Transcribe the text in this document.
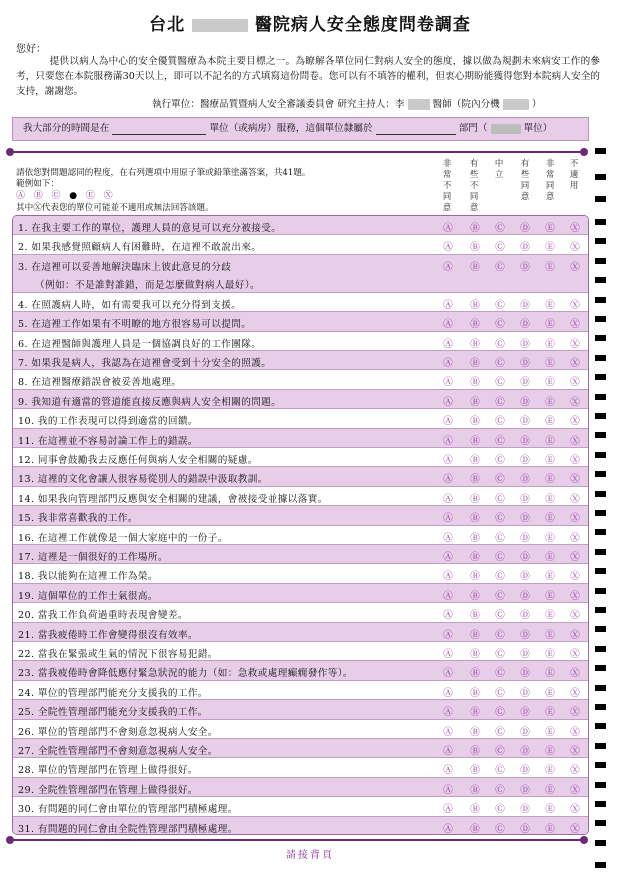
台北	醫院病人安全態度問卷調查
您好：
提供以病人為中心的安全優質醫療為本院主要目標之一。為瞭解各單位同仁對病人安全的態度，據以做為規劃未來病安工作的參考，只要您在本院服務滿30天以上，即可以不記名的方式填寫這份問卷。您可以有不填答的權利，但衷心期盼能獲得您對本院病人安全的支持，謝謝您。
執行單位：醫療品質暨病人安全審議委員會 研究主持人：李	醫師（院內分機	）
我大部分的時間是在	單位（或病房）服務，這個單位隸屬於	部門（	單位）
請依您對問題認同的程度，在右列選項中用原子筆或鉛筆塗滿答案，共41題。
範例如下：
Ⓐ Ⓑ Ⓒ ● Ⓔ Ⓧ
其中Ⓧ代表您的單位可能並不適用或無法回答該題。
非常不同意
有些不同意
中立
有些同意
非常同意
不適用
1. 在我主要工作的單位，護理人員的意見可以充分被接受。	Ⓐ Ⓑ Ⓒ Ⓓ Ⓔ Ⓧ
2. 如果我感覺照顧病人有困難時，在這裡不敢說出來。	Ⓐ Ⓑ Ⓒ Ⓓ Ⓔ Ⓧ
3. 在這裡可以妥善地解決臨床上彼此意見的分歧
（例如：不是誰對誰錯，而是怎麼做對病人最好）。
Ⓐ Ⓑ Ⓒ Ⓓ Ⓔ Ⓧ
4. 在照護病人時，如有需要我可以充分得到支援。	Ⓐ Ⓑ Ⓒ Ⓓ Ⓔ Ⓧ
5. 在這裡工作如果有不明瞭的地方很容易可以提問。	Ⓐ Ⓑ Ⓒ Ⓓ Ⓔ Ⓧ
6. 在這裡醫師與護理人員是一個協調良好的工作團隊。	Ⓐ Ⓑ Ⓒ Ⓓ Ⓔ Ⓧ
7. 如果我是病人，我認為在這裡會受到十分安全的照護。	Ⓐ Ⓑ Ⓒ Ⓓ Ⓔ Ⓧ
8. 在這裡醫療錯誤會被妥善地處理。	Ⓐ Ⓑ Ⓒ Ⓓ Ⓔ Ⓧ
9. 我知道有適當的管道能直接反應與病人安全相關的問題。	Ⓐ Ⓑ Ⓒ Ⓓ Ⓔ Ⓧ
10. 我的工作表現可以得到適當的回饋。	Ⓐ Ⓑ Ⓒ Ⓓ Ⓔ Ⓧ
11. 在這裡並不容易討論工作上的錯誤。	Ⓐ Ⓑ Ⓒ Ⓓ Ⓔ Ⓧ
12. 同事會鼓勵我去反應任何與病人安全相關的疑慮。	Ⓐ Ⓑ Ⓒ Ⓓ Ⓔ Ⓧ
13. 這裡的文化會讓人很容易從別人的錯誤中汲取教訓。	Ⓐ Ⓑ Ⓒ Ⓓ Ⓔ Ⓧ
14. 如果我向管理部門反應與安全相關的建議，會被接受並據以落實。	Ⓐ Ⓑ Ⓒ Ⓓ Ⓔ Ⓧ
15. 我非常喜歡我的工作。	Ⓐ Ⓑ Ⓒ Ⓓ Ⓔ Ⓧ
16. 在這裡工作就像是一個大家庭中的一份子。	Ⓐ Ⓑ Ⓒ Ⓓ Ⓔ Ⓧ
17. 這裡是一個很好的工作場所。	Ⓐ Ⓑ Ⓒ Ⓓ Ⓔ Ⓧ
18. 我以能夠在這裡工作為榮。	Ⓐ Ⓑ Ⓒ Ⓓ Ⓔ Ⓧ
19. 這個單位的工作士氣很高。	Ⓐ Ⓑ Ⓒ Ⓓ Ⓔ Ⓧ
20. 當我工作負荷過重時表現會變差。	Ⓐ Ⓑ Ⓒ Ⓓ Ⓔ Ⓧ
21. 當我疲倦時工作會變得很沒有效率。	Ⓐ Ⓑ Ⓒ Ⓓ Ⓔ Ⓧ
22. 當我在緊張或生氣的情況下很容易犯錯。	Ⓐ Ⓑ Ⓒ Ⓓ Ⓔ Ⓧ
23. 當我疲倦時會降低應付緊急狀況的能力（如：急救或處理癲癇發作等）。	Ⓐ Ⓑ Ⓒ Ⓓ Ⓔ Ⓧ
24. 單位的管理部門能充分支援我的工作。	Ⓐ Ⓑ Ⓒ Ⓓ Ⓔ Ⓧ
25. 全院性管理部門能充分支援我的工作。	Ⓐ Ⓑ Ⓒ Ⓓ Ⓔ Ⓧ
26. 單位的管理部門不會刻意忽視病人安全。	Ⓐ Ⓑ Ⓒ Ⓓ Ⓔ Ⓧ
27. 全院性管理部門不會刻意忽視病人安全。	Ⓐ Ⓑ Ⓒ Ⓓ Ⓔ Ⓧ
28. 單位的管理部門在管理上做得很好。	Ⓐ Ⓑ Ⓒ Ⓓ Ⓔ Ⓧ
29. 全院性管理部門在管理上做得很好。	Ⓐ Ⓑ Ⓒ Ⓓ Ⓔ Ⓧ
30. 有問題的同仁會由單位的管理部門積極處理。	Ⓐ Ⓑ Ⓒ Ⓓ Ⓔ Ⓧ
31. 有問題的同仁會由全院性管理部門積極處理。	Ⓐ Ⓑ Ⓒ Ⓓ Ⓔ Ⓧ
請接背頁
